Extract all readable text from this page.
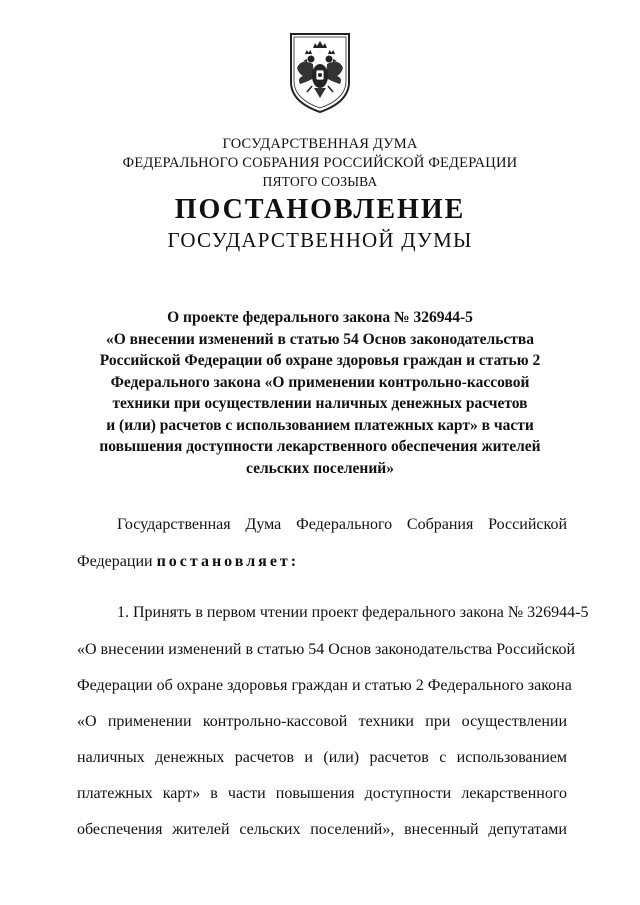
ГОСУДАРСТВЕННАЯ ДУМА
ФЕДЕРАЛЬНОГО СОБРАНИЯ РОССИЙСКОЙ ФЕДЕРАЦИИ
ПЯТОГО СОЗЫВА
ПОСТАНОВЛЕНИЕ
ГОСУДАРСТВЕННОЙ ДУМЫ
О проекте федерального закона № 326944-5
«О внесении изменений в статью 54 Основ законодательства
Российской Федерации об охране здоровья граждан и статью 2
Федерального закона «О применении контрольно-кассовой
техники при осуществлении наличных денежных расчетов
и (или) расчетов с использованием платежных карт» в части
повышения доступности лекарственного обеспечения жителей
сельских поселений»
Государственная Дума Федерального Собрания Российской
Федерации постановляет:
1. Принять в первом чтении проект федерального закона № 326944-5
«О внесении изменений в статью 54 Основ законодательства Российской
Федерации об охране здоровья граждан и статью 2 Федерального закона
«О применении контрольно-кассовой техники при осуществлении
наличных денежных расчетов и (или) расчетов с использованием
платежных карт» в части повышения доступности лекарственного
обеспечения жителей сельских поселений», внесенный депутатами
